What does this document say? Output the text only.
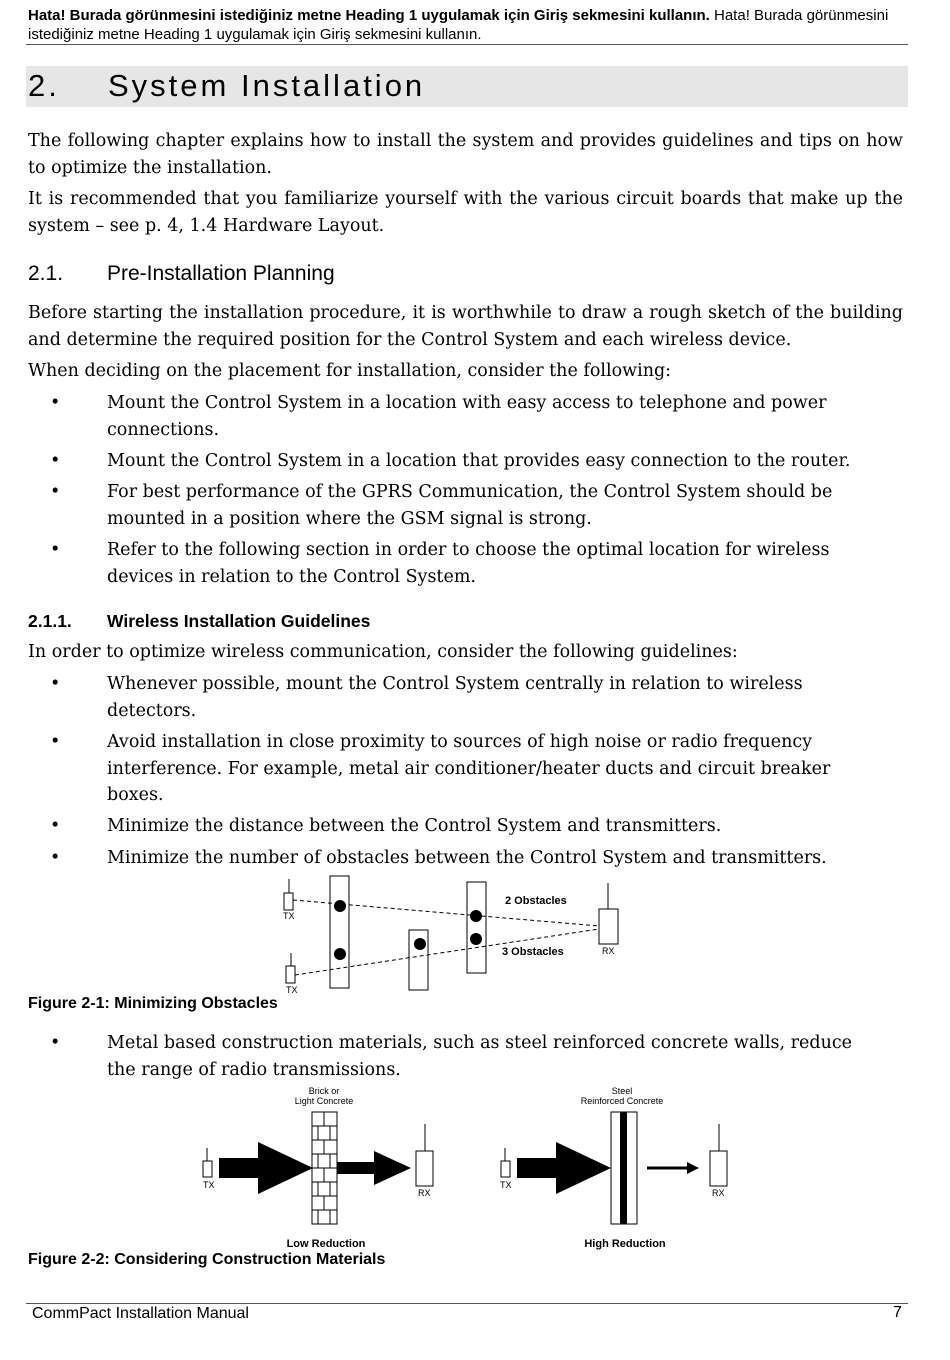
Hata! Burada görünmesini istediğiniz metne Heading 1 uygulamak için Giriş sekmesini kullanın. Hata! Burada görünmesini istediğiniz metne Heading 1 uygulamak için Giriş sekmesini kullanın.
2. System Installation
The following chapter explains how to install the system and provides guidelines and tips on how to optimize the installation.
It is recommended that you familiarize yourself with the various circuit boards that make up the system – see p. 4, 1.4 Hardware Layout.
2.1. Pre-Installation Planning
Before starting the installation procedure, it is worthwhile to draw a rough sketch of the building and determine the required position for the Control System and each wireless device.
When deciding on the placement for installation, consider the following:
•	Mount the Control System in a location with easy access to telephone and power connections.
•	Mount the Control System in a location that provides easy connection to the router.
•	For best performance of the GPRS Communication, the Control System should be mounted in a position where the GSM signal is strong.
•	Refer to the following section in order to choose the optimal location for wireless devices in relation to the Control System.
2.1.1. Wireless Installation Guidelines
In order to optimize wireless communication, consider the following guidelines:
•	Whenever possible, mount the Control System centrally in relation to wireless detectors.
•	Avoid installation in close proximity to sources of high noise or radio frequency interference. For example, metal air conditioner/heater ducts and circuit breaker boxes.
•	Minimize the distance between the Control System and transmitters.
•	Minimize the number of obstacles between the Control System and transmitters.
TX
TX
RX
2 Obstacles
3 Obstacles
Figure 2-1: Minimizing Obstacles
•	Metal based construction materials, such as steel reinforced concrete walls, reduce the range of radio transmissions.
Brick or
Light Concrete
Steel
Reinforced Concrete
TX
RX
TX
RX
Low Reduction	High Reduction
Figure 2-2: Considering Construction Materials
CommPact Installation Manual	7
